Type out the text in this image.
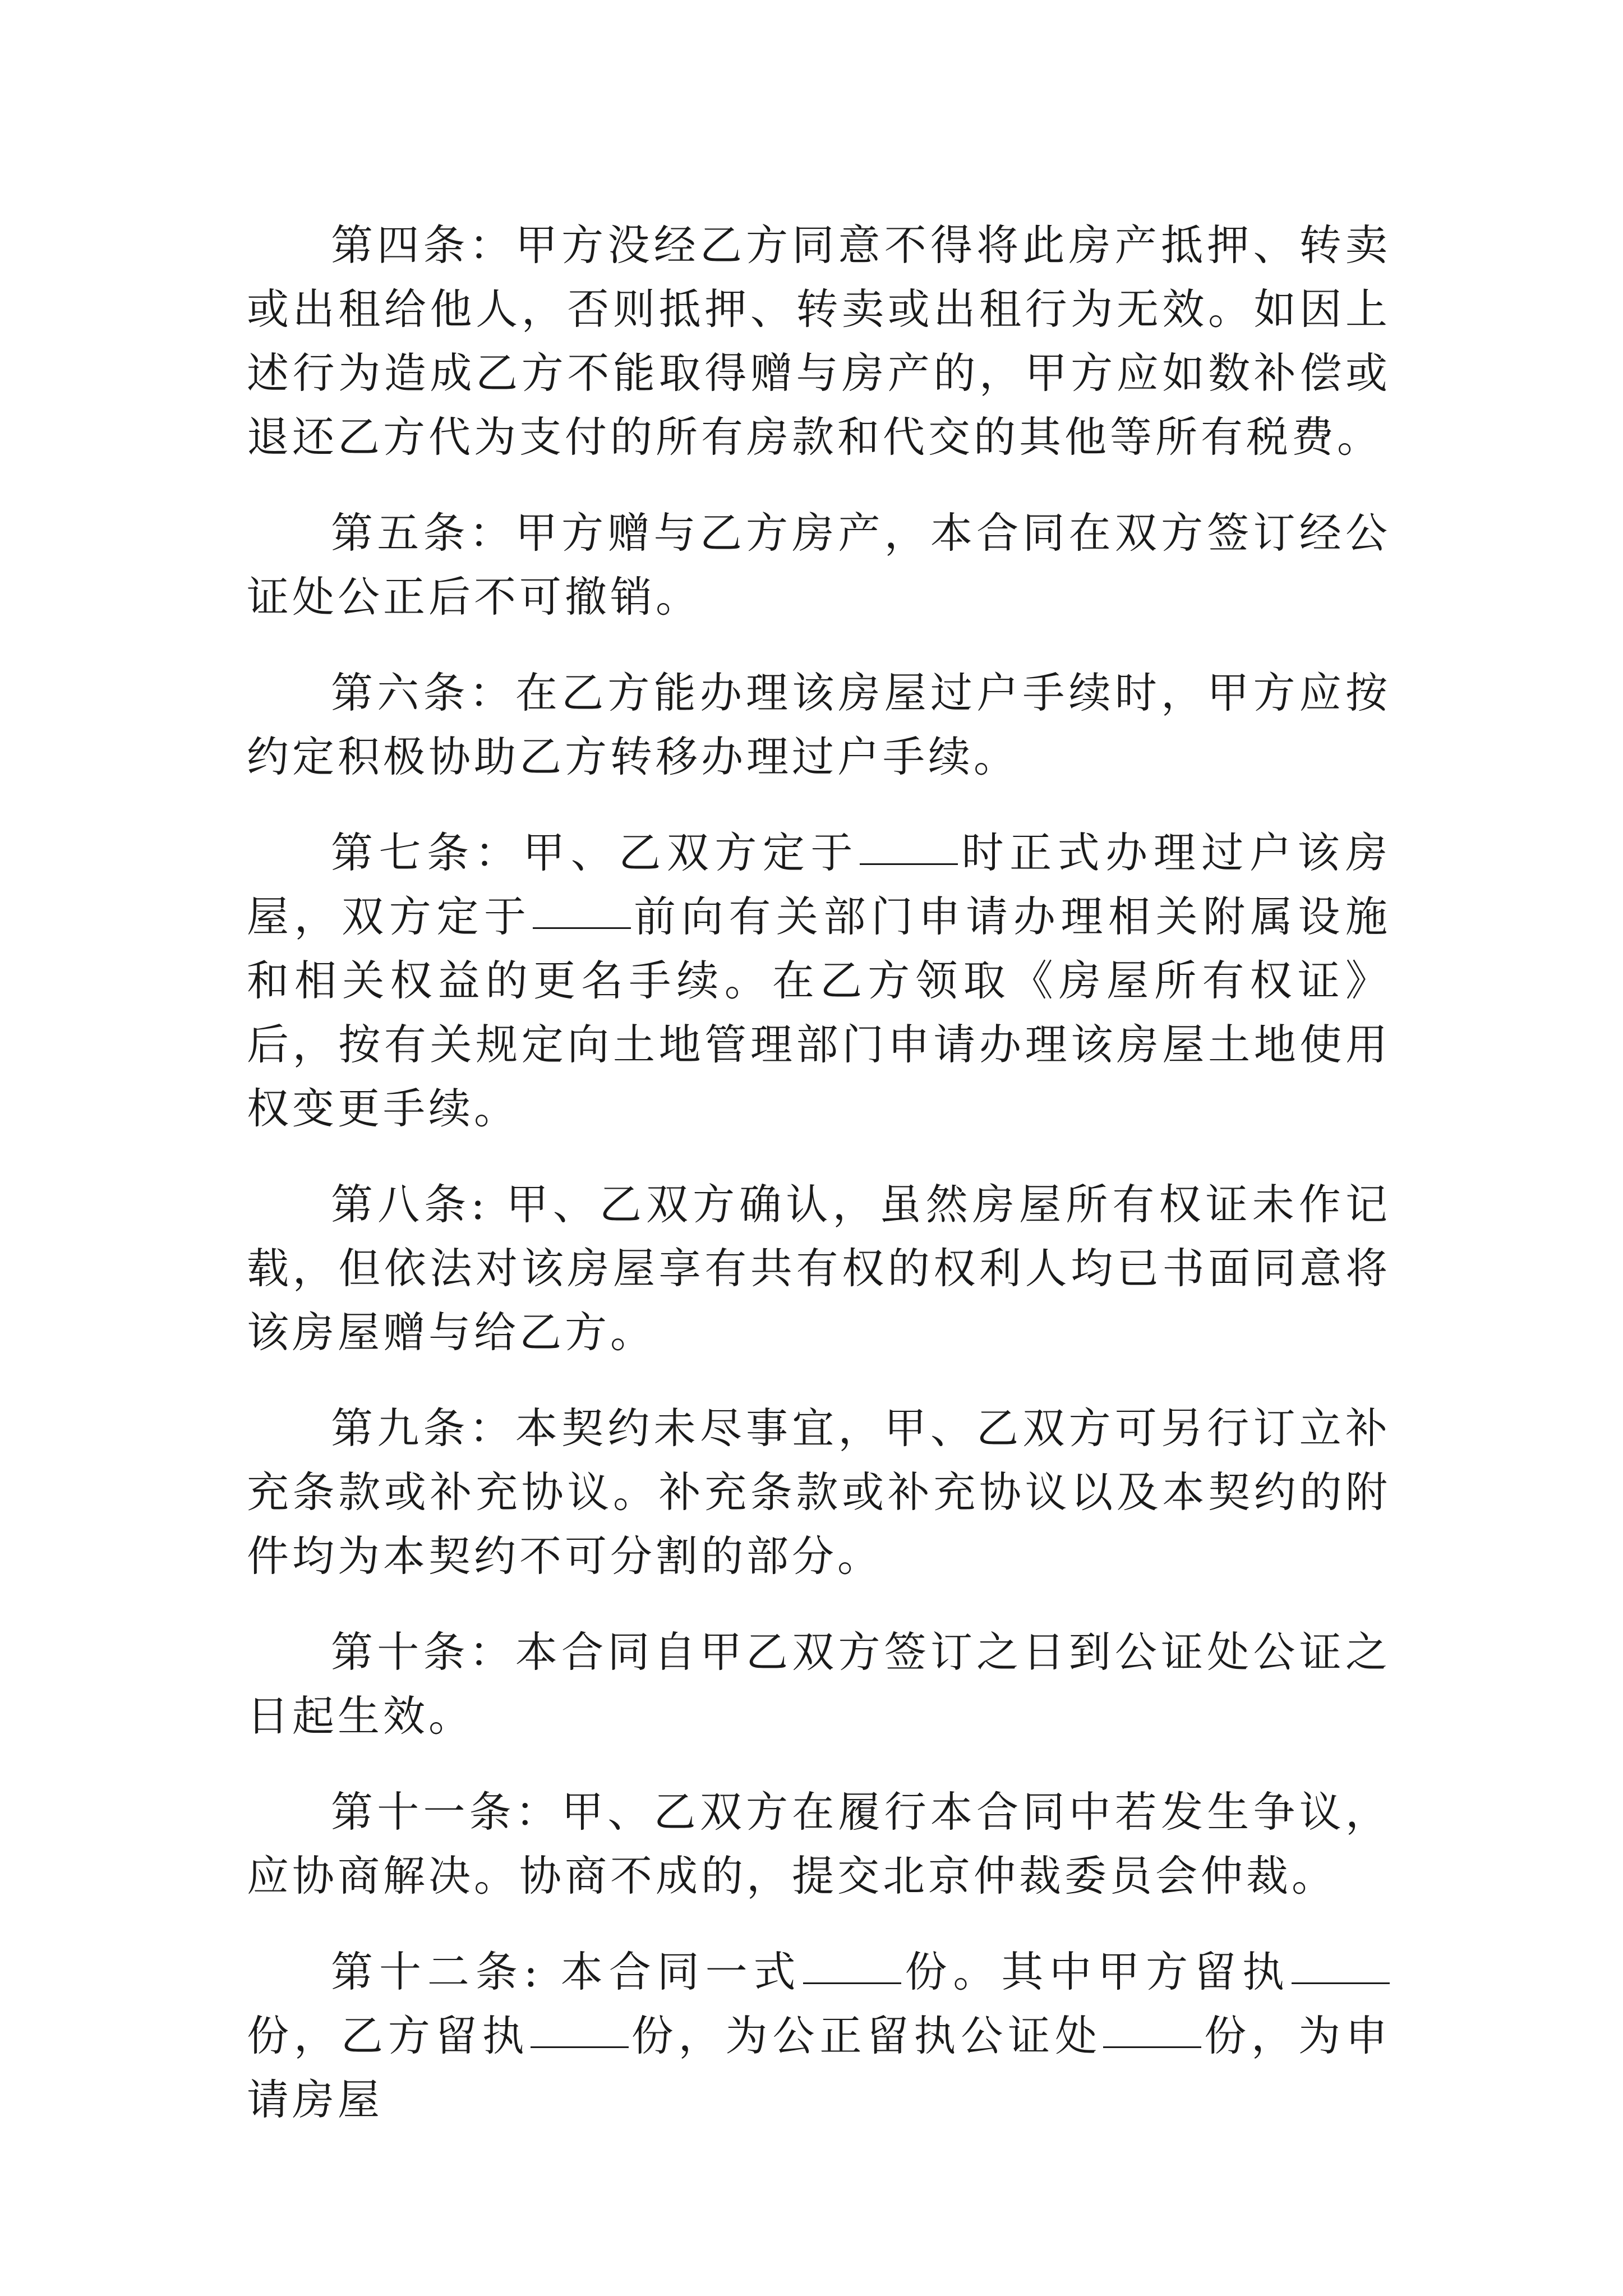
第四条：甲方没经乙方同意不得将此房产抵押、转卖或出租给他人，否则抵押、转卖或出租行为无效。如因上述行为造成乙方不能取得赠与房产的，甲方应如数补偿或退还乙方代为支付的所有房款和代交的其他等所有税费。

第五条：甲方赠与乙方房产，本合同在双方签订经公证处公正后不可撤销。

第六条：在乙方能办理该房屋过户手续时，甲方应按约定积极协助乙方转移办理过户手续。

第七条：甲、乙双方定于 时正式办理过户该房屋，双方定于 前向有关部门申请办理相关附属设施和相关权益的更名手续。在乙方领取《房屋所有权证》后，按有关规定向土地管理部门申请办理该房屋土地使用权变更手续。

第八条: 甲、乙双方确认，虽然房屋所有权证未作记载，但依法对该房屋享有共有权的权利人均已书面同意将该房屋赠与给乙方。

第九条：本契约未尽事宜，甲、乙双方可另行订立补充条款或补充协议。补充条款或补充协议以及本契约的附件均为本契约不可分割的部分。

第十条：本合同自甲乙双方签订之日到公证处公证之日起生效。

第十一条：甲、乙双方在履行本合同中若发生争议，应协商解决。协商不成的，提交北京仲裁委员会仲裁。

第十二条: 本合同一式 份。其中甲方留执份，乙方留执 份，为公正留执公证处 份，为申请房屋
